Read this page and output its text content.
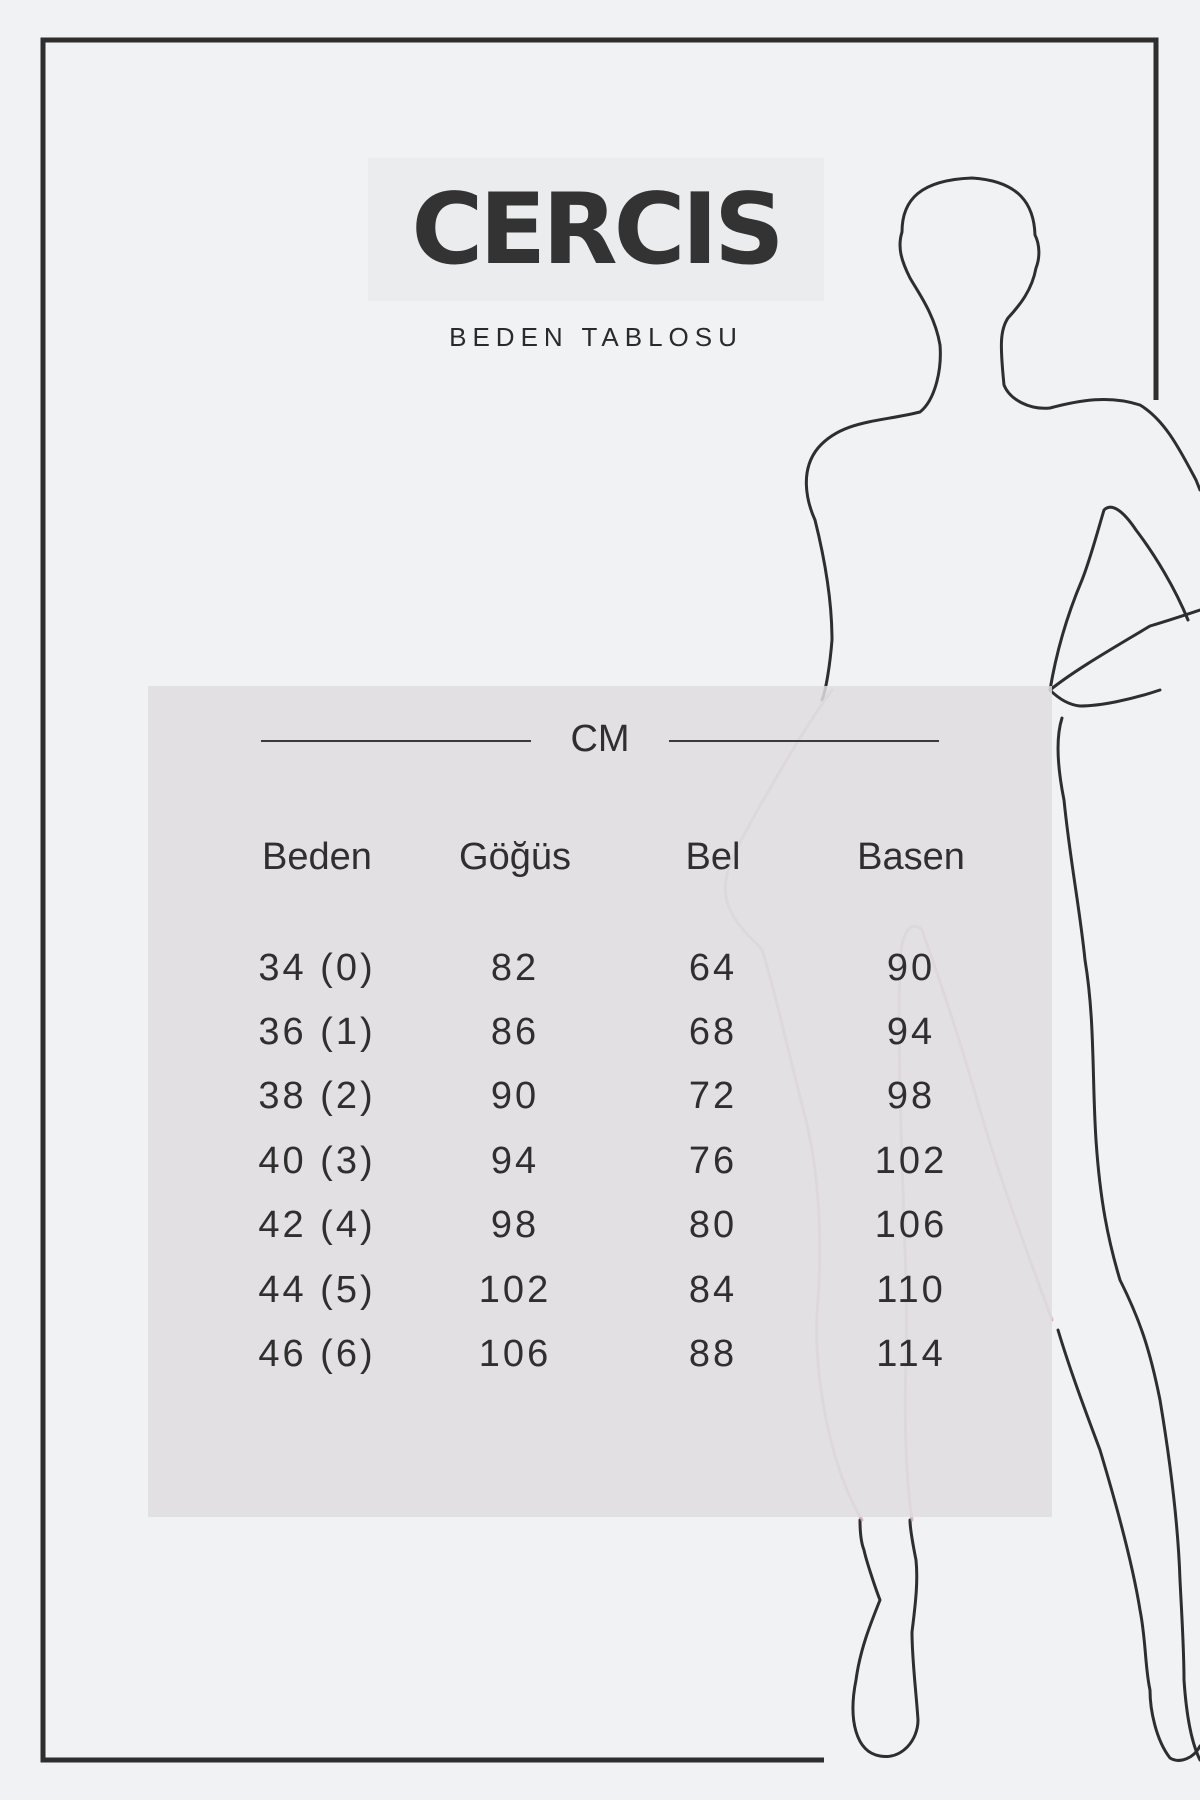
CERCIS
BEDEN TABLOSU
CM
Beden	Göğüs	Bel	Basen

34 (0)	82	64	90
36 (1)	86	68	94
38 (2)	90	72	98
40 (3)	94	76	102
42 (4)	98	80	106
44 (5)	102	84	110
46 (6)	106	88	114
